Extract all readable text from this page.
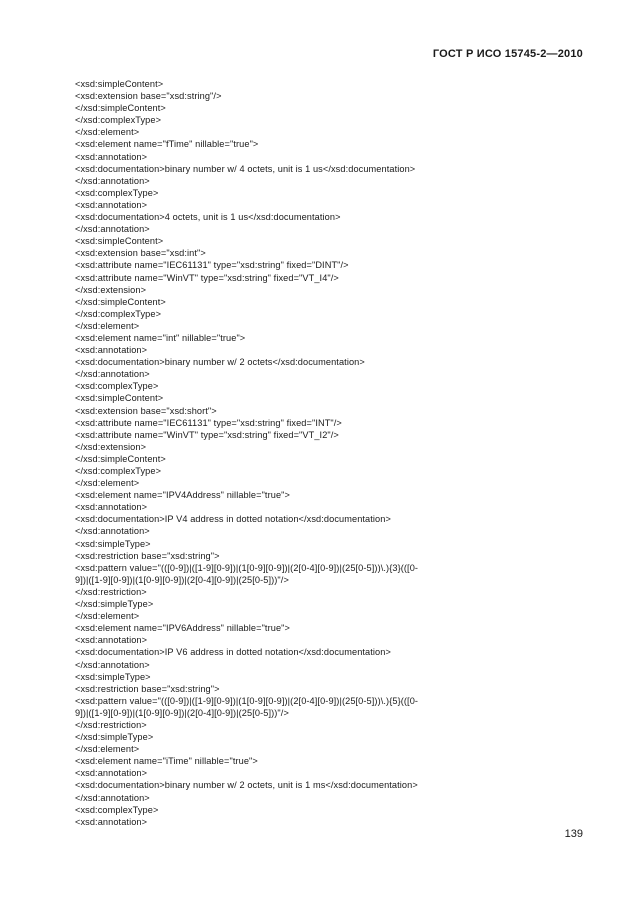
ГОСТ Р ИСО 15745-2—2010
<xsd:simpleContent>
<xsd:extension base="xsd:string"/>
</xsd:simpleContent>
</xsd:complexType>
</xsd:element>
<xsd:element name="fTime" nillable="true">
<xsd:annotation>
<xsd:documentation>binary number w/ 4 octets, unit is 1 us</xsd:documentation>
</xsd:annotation>
<xsd:complexType>
<xsd:annotation>
<xsd:documentation>4 octets, unit is 1 us</xsd:documentation>
</xsd:annotation>
<xsd:simpleContent>
<xsd:extension base="xsd:int">
<xsd:attribute name="IEC61131" type="xsd:string" fixed="DINT"/>
<xsd:attribute name="WinVT" type="xsd:string" fixed="VT_I4"/>
</xsd:extension>
</xsd:simpleContent>
</xsd:complexType>
</xsd:element>
<xsd:element name="int" nillable="true">
<xsd:annotation>
<xsd:documentation>binary number w/ 2 octets</xsd:documentation>
</xsd:annotation>
<xsd:complexType>
<xsd:simpleContent>
<xsd:extension base="xsd:short">
<xsd:attribute name="IEC61131" type="xsd:string" fixed="INT"/>
<xsd:attribute name="WinVT" type="xsd:string" fixed="VT_I2"/>
</xsd:extension>
</xsd:simpleContent>
</xsd:complexType>
</xsd:element>
<xsd:element name="IPV4Address" nillable="true">
<xsd:annotation>
<xsd:documentation>IP V4 address in dotted notation</xsd:documentation>
</xsd:annotation>
<xsd:simpleType>
<xsd:restriction base="xsd:string">
<xsd:pattern value="(([0-9])|([1-9][0-9])|(1[0-9][0-9])|(2[0-4][0-9])|(25[0-5]))\.){3}(([0-
9])|([1-9][0-9])|(1[0-9][0-9])|(2[0-4][0-9])|(25[0-5]))"/>
</xsd:restriction>
</xsd:simpleType>
</xsd:element>
<xsd:element name="IPV6Address" nillable="true">
<xsd:annotation>
<xsd:documentation>IP V6 address in dotted notation</xsd:documentation>
</xsd:annotation>
<xsd:simpleType>
<xsd:restriction base="xsd:string">
<xsd:pattern value="(([0-9])|([1-9][0-9])|(1[0-9][0-9])|(2[0-4][0-9])|(25[0-5]))\.){5}(([0-
9])|([1-9][0-9])|(1[0-9][0-9])|(2[0-4][0-9])|(25[0-5]))"/>
</xsd:restriction>
</xsd:simpleType>
</xsd:element>
<xsd:element name="iTime" nillable="true">
<xsd:annotation>
<xsd:documentation>binary number w/ 2 octets, unit is 1 ms</xsd:documentation>
</xsd:annotation>
<xsd:complexType>
<xsd:annotation>
139
